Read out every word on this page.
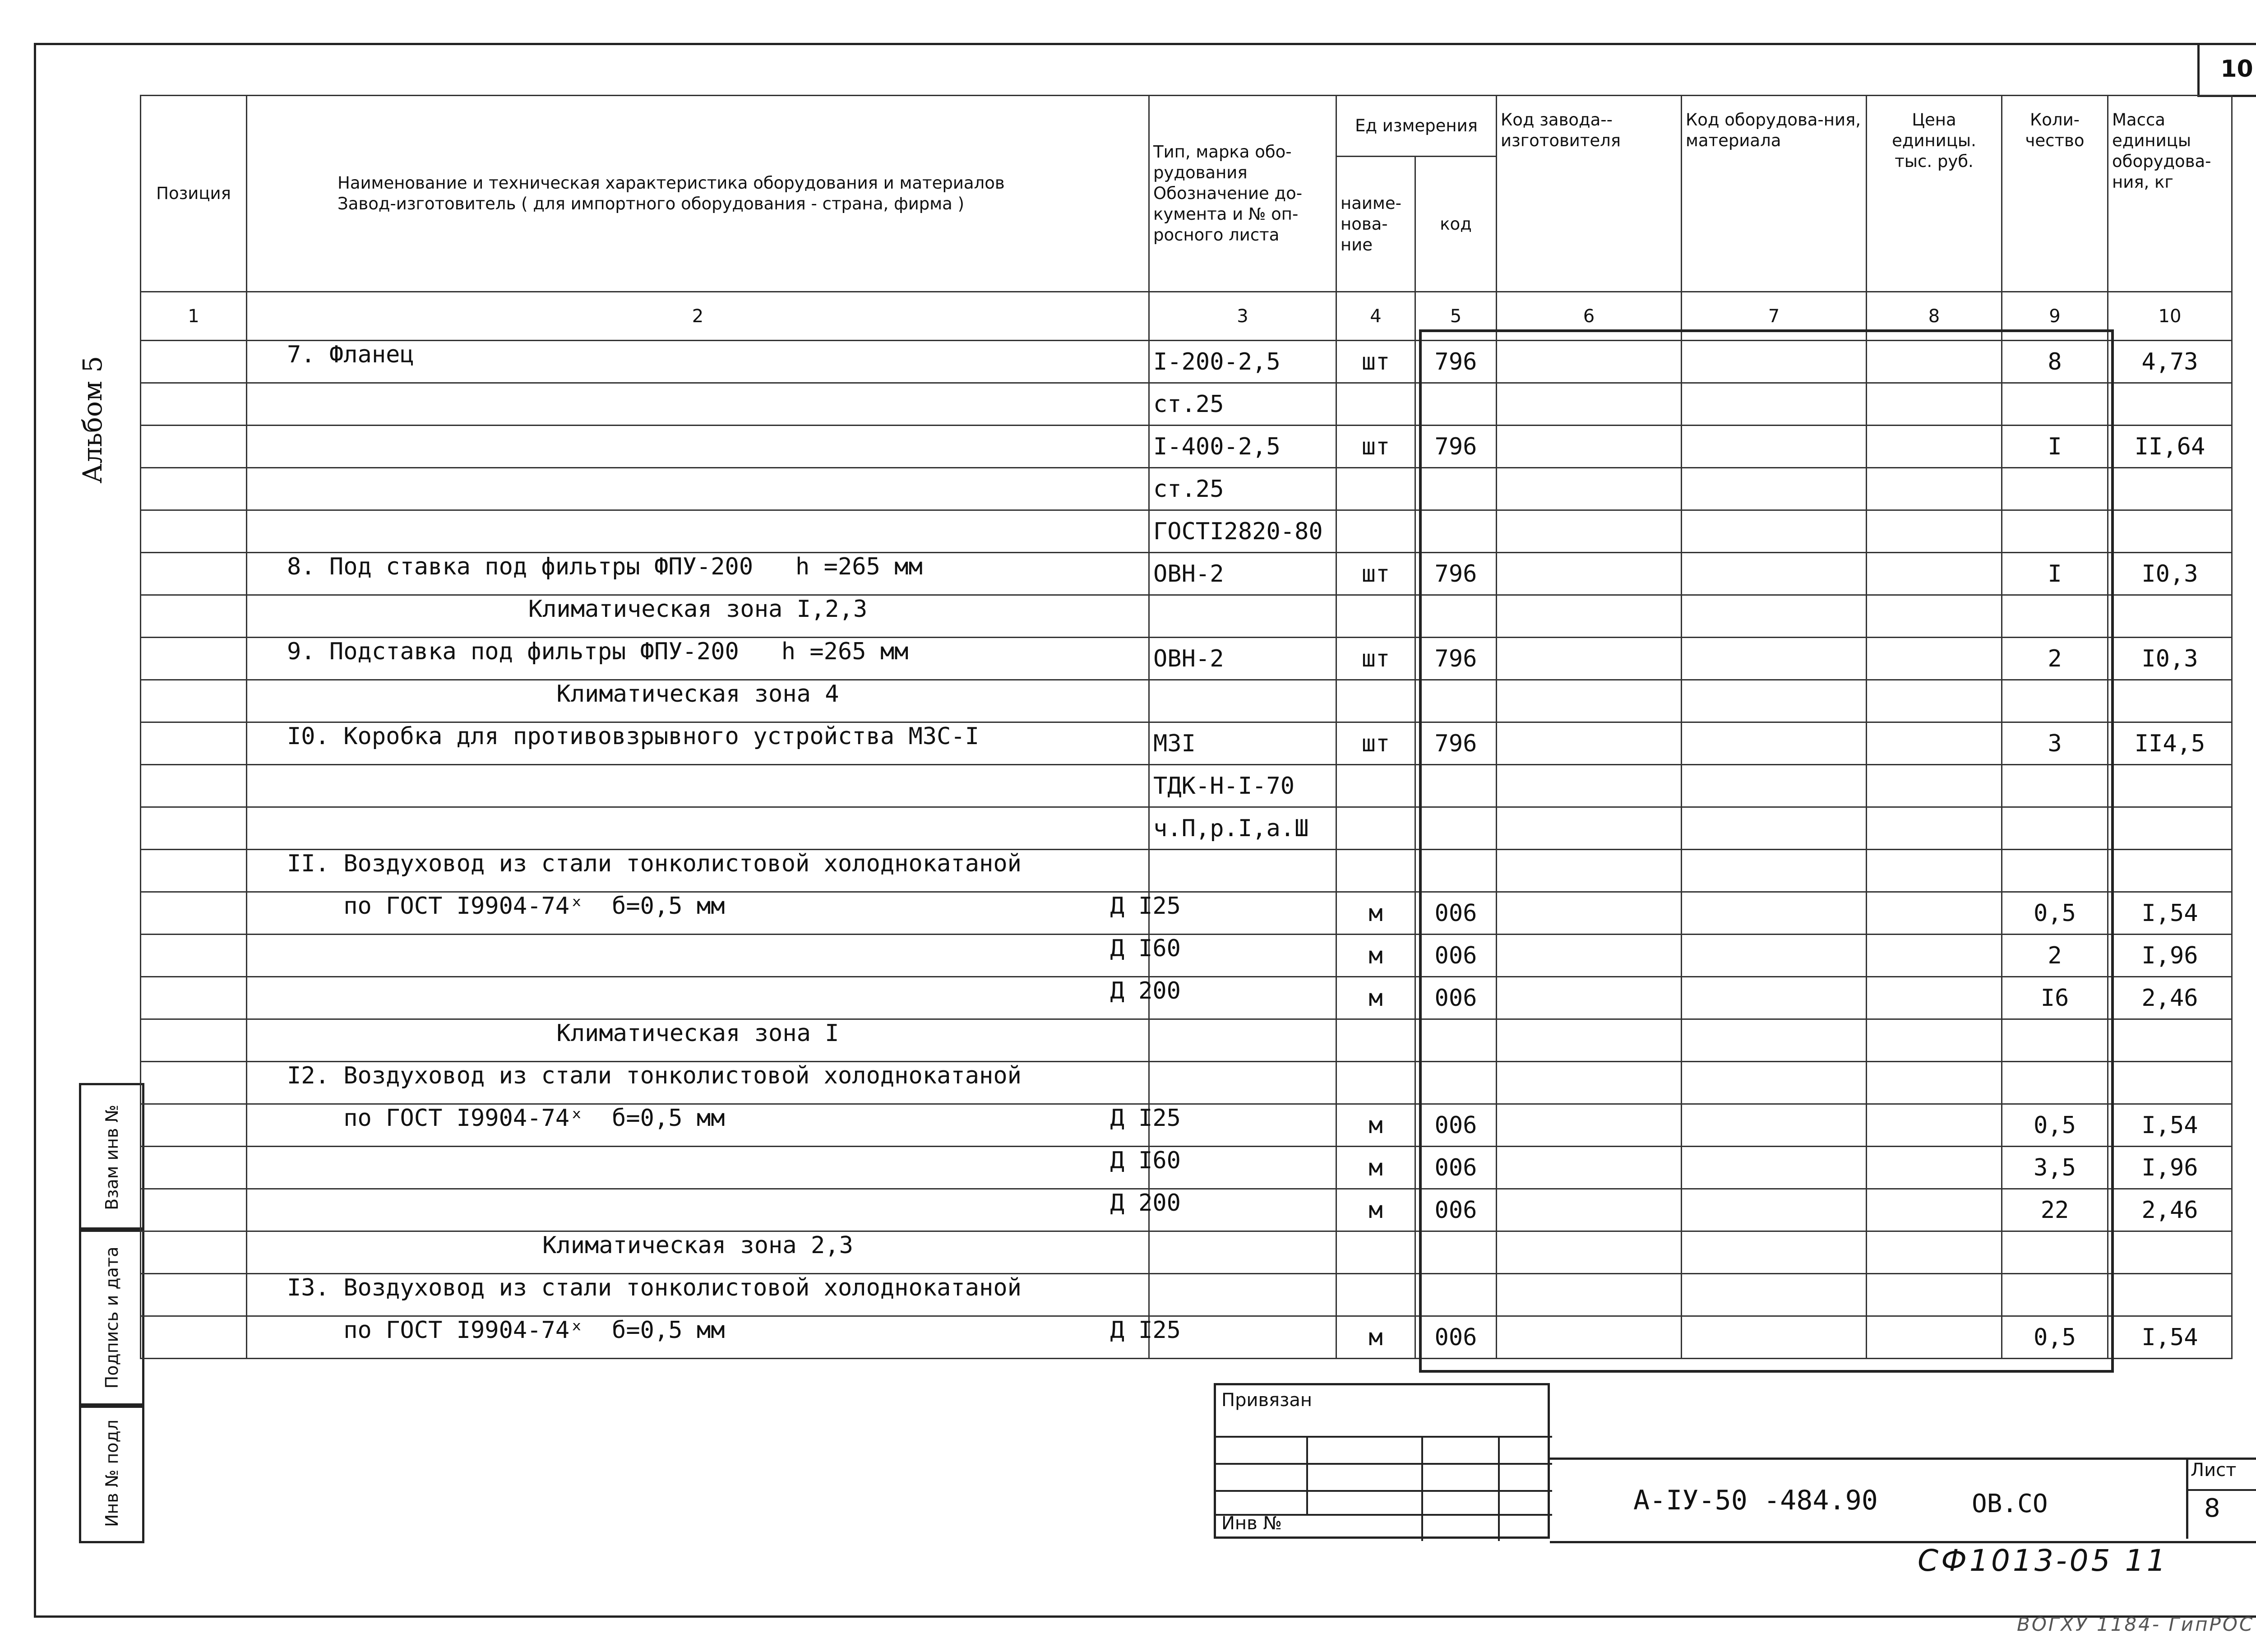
10
Альбом 5
Взам инв №
Подпись и дата
Инв № подл
Позиция	Наименование и техническая характеристика оборудования и материалов Завод-изготовитель ( для импортного оборудования - страна, фирма )	Тип, марка обо-рудования Обозначение до-кумента и № оп-росного листа	Ед измерения		Код завода--изготовителя	Код оборудова-ния, материала	Цена единицы. тыс. руб.	Коли-чество	Масса единицы оборудова-ния, кг
			наиме-нова-ние	код					
1	2	3	4	5	6	7	8	9	10

	7. Фланец	I-200-2,5	шт	796				8	4,73

	ст.25							

	I-400-2,5	шт	796				I	II,64

	ст.25							

	ГОСТI2820-80							

	8. Под ставка под фильтры ФПУ-200   h =265 мм	ОВН-2	шт	796				I	I0,3

	Климатическая зона I,2,3								

	9. Подставка под фильтры ФПУ-200   h =265 мм	ОВН-2	шт	796				2	I0,3

	Климатическая зона 4								

	I0. Коробка для противовзрывного устройства МЗС-I	МЗI	шт	796				3	II4,5

	ТДК-Н-I-70							

	ч.П,р.I,а.Ш							

	II. Воздуховод из стали тонколистовой холоднокатаной								

	по ГОСТ I9904-74ˣ  б=0,5 мм Д I25		м	006				0,5	I,54

	Д I60		м	006				2	I,96

	Д 200		м	006				I6	2,46

	Климатическая зона I								

	I2. Воздуховод из стали тонколистовой холоднокатаной								

	по ГОСТ I9904-74ˣ  б=0,5 мм Д I25		м	006				0,5	I,54

	Д I60		м	006				3,5	I,96

	Д 200		м	006				22	2,46

	Климатическая зона 2,3								

	I3. Воздуховод из стали тонколистовой холоднокатаной								

	по ГОСТ I9904-74ˣ  б=0,5 мм Д I25		м	006				0,5	I,54
Привязан
Инв №
А-IУ-50 -484.90	ОВ.СО
Лист
8
СФ1013-05 11
ВОГХУ 1184- ГипРОС
